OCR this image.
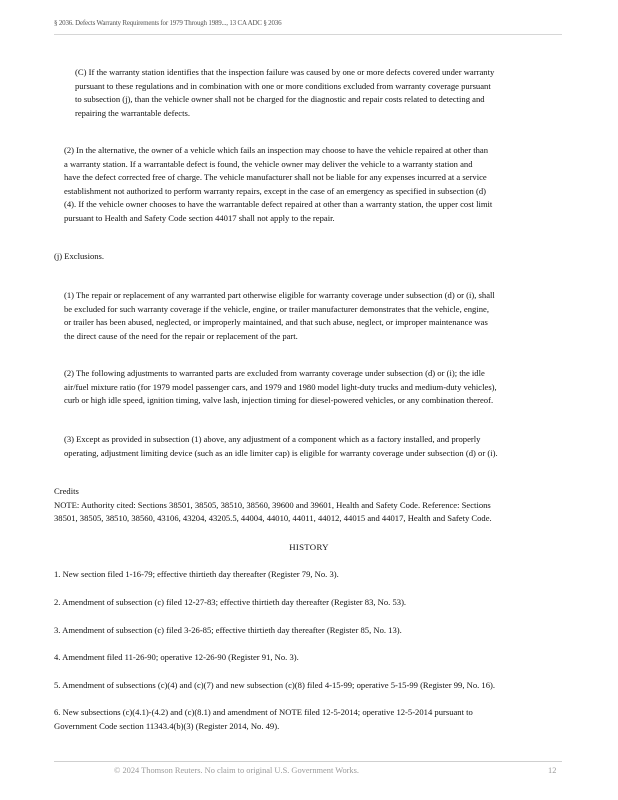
§ 2036. Defects Warranty Requirements for 1979 Through 1989..., 13 CA ADC § 2036
(C) If the warranty station identifies that the inspection failure was caused by one or more defects covered under warranty
pursuant to these regulations and in combination with one or more conditions excluded from warranty coverage pursuant
to subsection (j), than the vehicle owner shall not be charged for the diagnostic and repair costs related to detecting and
repairing the warrantable defects.
(2) In the alternative, the owner of a vehicle which fails an inspection may choose to have the vehicle repaired at other than
a warranty station. If a warrantable defect is found, the vehicle owner may deliver the vehicle to a warranty station and
have the defect corrected free of charge. The vehicle manufacturer shall not be liable for any expenses incurred at a service
establishment not authorized to perform warranty repairs, except in the case of an emergency as specified in subsection (d)
(4). If the vehicle owner chooses to have the warrantable defect repaired at other than a warranty station, the upper cost limit
pursuant to Health and Safety Code section 44017 shall not apply to the repair.
(j) Exclusions.
(1) The repair or replacement of any warranted part otherwise eligible for warranty coverage under subsection (d) or (i), shall
be excluded for such warranty coverage if the vehicle, engine, or trailer manufacturer demonstrates that the vehicle, engine,
or trailer has been abused, neglected, or improperly maintained, and that such abuse, neglect, or improper maintenance was
the direct cause of the need for the repair or replacement of the part.
(2) The following adjustments to warranted parts are excluded from warranty coverage under subsection (d) or (i); the idle
air/fuel mixture ratio (for 1979 model passenger cars, and 1979 and 1980 model light-duty trucks and medium-duty vehicles),
curb or high idle speed, ignition timing, valve lash, injection timing for diesel-powered vehicles, or any combination thereof.
(3) Except as provided in subsection (1) above, any adjustment of a component which as a factory installed, and properly
operating, adjustment limiting device (such as an idle limiter cap) is eligible for warranty coverage under subsection (d) or (i).
Credits
NOTE: Authority cited: Sections 38501, 38505, 38510, 38560, 39600 and 39601, Health and Safety Code. Reference: Sections
38501, 38505, 38510, 38560, 43106, 43204, 43205.5, 44004, 44010, 44011, 44012, 44015 and 44017, Health and Safety Code.
HISTORY
1. New section filed 1-16-79; effective thirtieth day thereafter (Register 79, No. 3).
2. Amendment of subsection (c) filed 12-27-83; effective thirtieth day thereafter (Register 83, No. 53).
3. Amendment of subsection (c) filed 3-26-85; effective thirtieth day thereafter (Register 85, No. 13).
4. Amendment filed 11-26-90; operative 12-26-90 (Register 91, No. 3).
5. Amendment of subsections (c)(4) and (c)(7) and new subsection (c)(8) filed 4-15-99; operative 5-15-99 (Register 99, No. 16).
6. New subsections (c)(4.1)-(4.2) and (c)(8.1) and amendment of NOTE filed 12-5-2014; operative 12-5-2014 pursuant to
Government Code section 11343.4(b)(3) (Register 2014, No. 49).
© 2024 Thomson Reuters. No claim to original U.S. Government Works.	12
